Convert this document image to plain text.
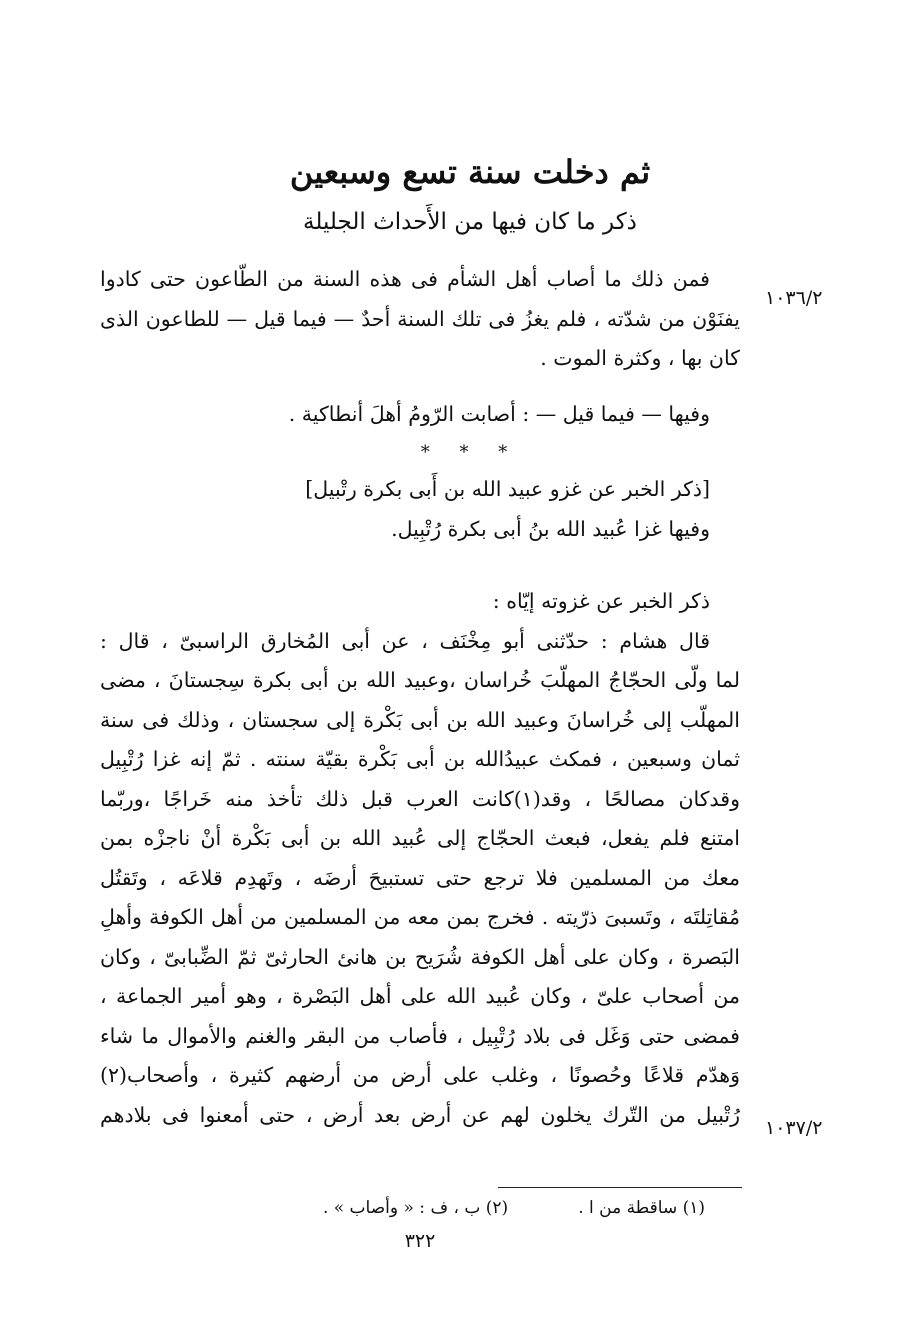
ثم دخلت سنة تسع وسبعين
ذكر ما كان فيها من الأَحداث الجليلة
١٠٣٦/٢
فمن ذلك ما أصاب أهل الشأم فى هذه السنة من الطّاعون حتى كادوا
يفنَوْن من شدّته ، فلم يغزُ فى تلك السنة أحدٌ — فيما قيل — للطاعون الذى
كان بها ، وكثرة الموت .
وفيها — فيما قيل — : أصابت الرّومُ أهلَ أنطاكية .
* * *
[ذكر الخبر عن غزو عبيد الله بن أَبى بكرة رتْبيل]
وفيها غزا عُبيد الله بنُ أبى بكرة رُتْبِيل.
ذكر الخبر عن غزوته إيّاه :
قال هشام : حدّثنى أبو مِخْنَف ، عن أبى المُخارق الراسبىّ ، قال :
لما ولّى الحجّاجُ المهلّبَ خُراسان ،وعبيد الله بن أبى بكرة سِجستانَ ، مضى
المهلّب إلى خُراسانَ وعبيد الله بن أبى بَكْرة إلى سجستان ، وذلك فى سنة
ثمان وسبعين ، فمكث عبيدُالله بن أبى بَكْرة بقيّة سنته . ثمّ إنه غزا رُتْبِيل
وقدكان مصالحًا ، وقد(١)كانت العرب قبل ذلك تأخذ منه خَراجًا ،وربّما
امتنع فلم يفعل، فبعث الحجّاج إلى عُبيد الله بن أبى بَكْرة أنْ ناجزْه بمن
معك من المسلمين فلا ترجع حتى تستبيحَ أرضَه ، وتَهدِم قلاعَه ، وتَقتُل
مُقاتِلتَه ، وتَسبىَ ذرّيته . فخرج بمن معه من المسلمين من أهل الكوفة وأهلِ
البَصرة ، وكان على أهل الكوفة شُرَيح بن هانئ الحارثىّ ثمّ الضِّبابىّ ، وكان
من أصحاب علىّ ، وكان عُبيد الله على أهل البَصْرة ، وهو أمير الجماعة ،
فمضى حتى وَغَل فى بلاد رُتْبِيل ، فأصاب من البقر والغنم والأموال ما شاء
وَهدّم قلاعًا وحُصونًا ، وغلب على أرض من أرضهم كثيرة ، وأصحاب(٢)
رُتْبيل من التّرك يخلون لهم عن أرض بعد أرض ، حتى أمعنوا فى بلادهم
١٠٣٧/٢
(١) ساقطة من ا .
(٢) ب ، ف : « وأصاب » .
٣٢٢
